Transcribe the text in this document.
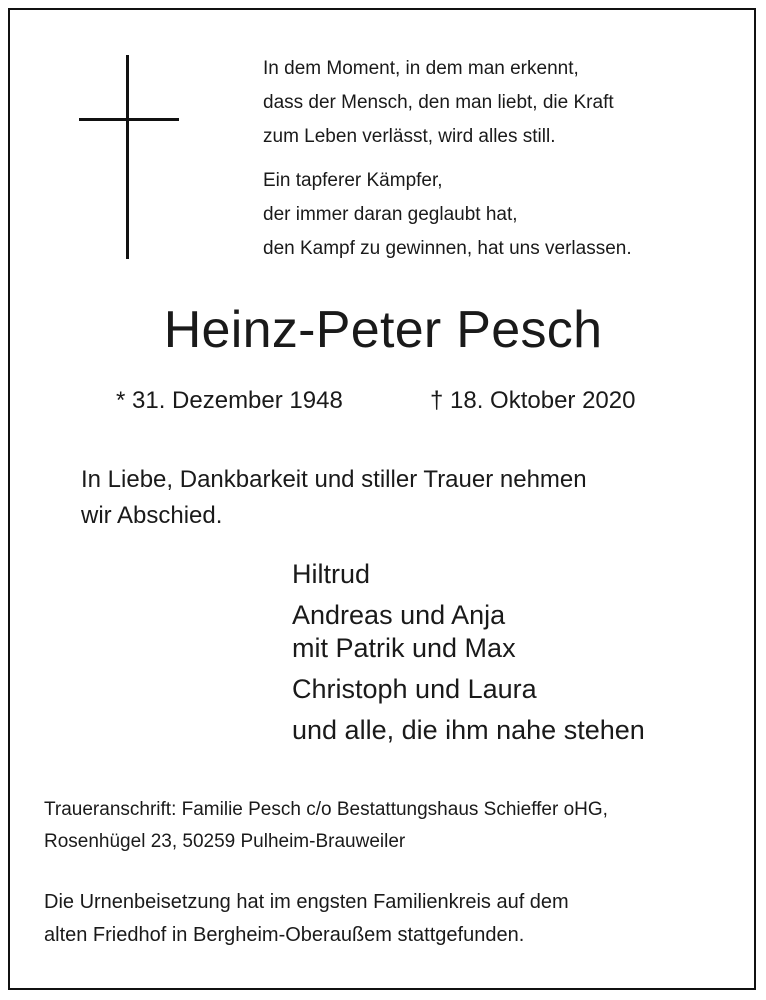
In dem Moment, in dem man erkennt,
dass der Mensch, den man liebt, die Kraft
zum Leben verlässt, wird alles still.
Ein tapferer Kämpfer,
der immer daran geglaubt hat,
den Kampf zu gewinnen, hat uns verlassen.
Heinz-Peter Pesch
* 31. Dezember 1948	† 18. Oktober 2020
In Liebe, Dankbarkeit und stiller Trauer nehmen
wir Abschied.
Hiltrud
Andreas und Anja
mit Patrik und Max
Christoph und Laura
und alle, die ihm nahe stehen
Traueranschrift: Familie Pesch c/o Bestattungshaus Schieffer oHG,
Rosenhügel 23, 50259 Pulheim-Brauweiler
Die Urnenbeisetzung hat im engsten Familienkreis auf dem
alten Friedhof in Bergheim-Oberaußem stattgefunden.
